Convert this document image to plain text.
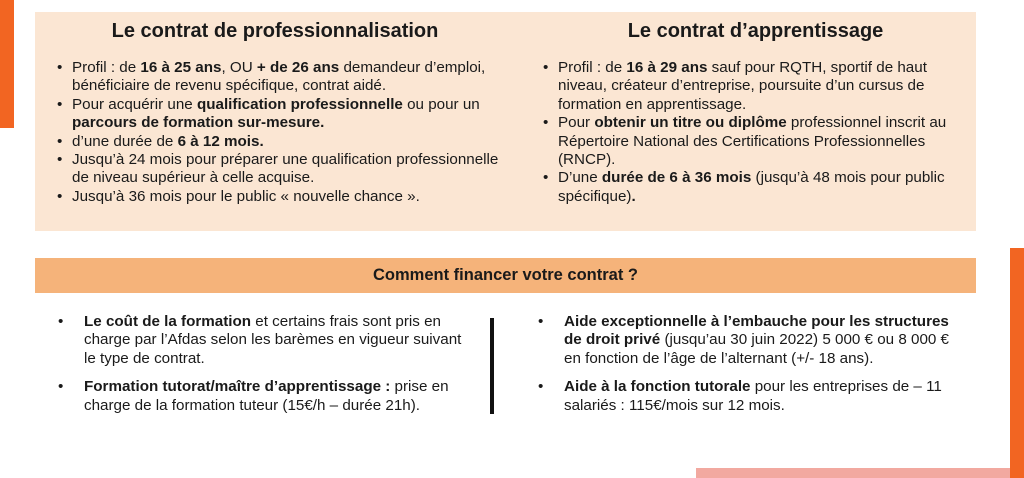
Le contrat de professionnalisation
• Profil : de 16 à 25 ans, OU + de 26 ans demandeur d’emploi, bénéficiaire de revenu spécifique, contrat aidé.
• Pour acquérir une qualification professionnelle ou pour un parcours de formation sur-mesure.
• d’une durée de 6 à 12 mois.
• Jusqu’à 24 mois pour préparer une qualification professionnelle de niveau supérieur à celle acquise.
• Jusqu’à 36 mois pour le public « nouvelle chance ».
Le contrat d’apprentissage
• Profil : de 16 à 29 ans sauf pour RQTH, sportif de haut niveau, créateur d’entreprise, poursuite d’un cursus de formation en apprentissage.
• Pour obtenir un titre ou diplôme professionnel inscrit au Répertoire National des Certifications Professionnelles (RNCP).
• D’une durée de 6 à 36 mois (jusqu’à 48 mois pour public spécifique).
Comment financer votre contrat ?
• Le coût de la formation et certains frais sont pris en charge par l’Afdas selon les barèmes en vigueur suivant le type de contrat.
• Formation tutorat/maître d’apprentissage : prise en charge de la formation tuteur (15€/h – durée 21h).
• Aide exceptionnelle à l’embauche pour les structures de droit privé (jusqu’au 30 juin 2022) 5 000 € ou 8 000 € en fonction de l’âge de l’alternant (+/- 18 ans).
• Aide à la fonction tutorale pour les entreprises de – 11 salariés : 115€/mois sur 12 mois.
